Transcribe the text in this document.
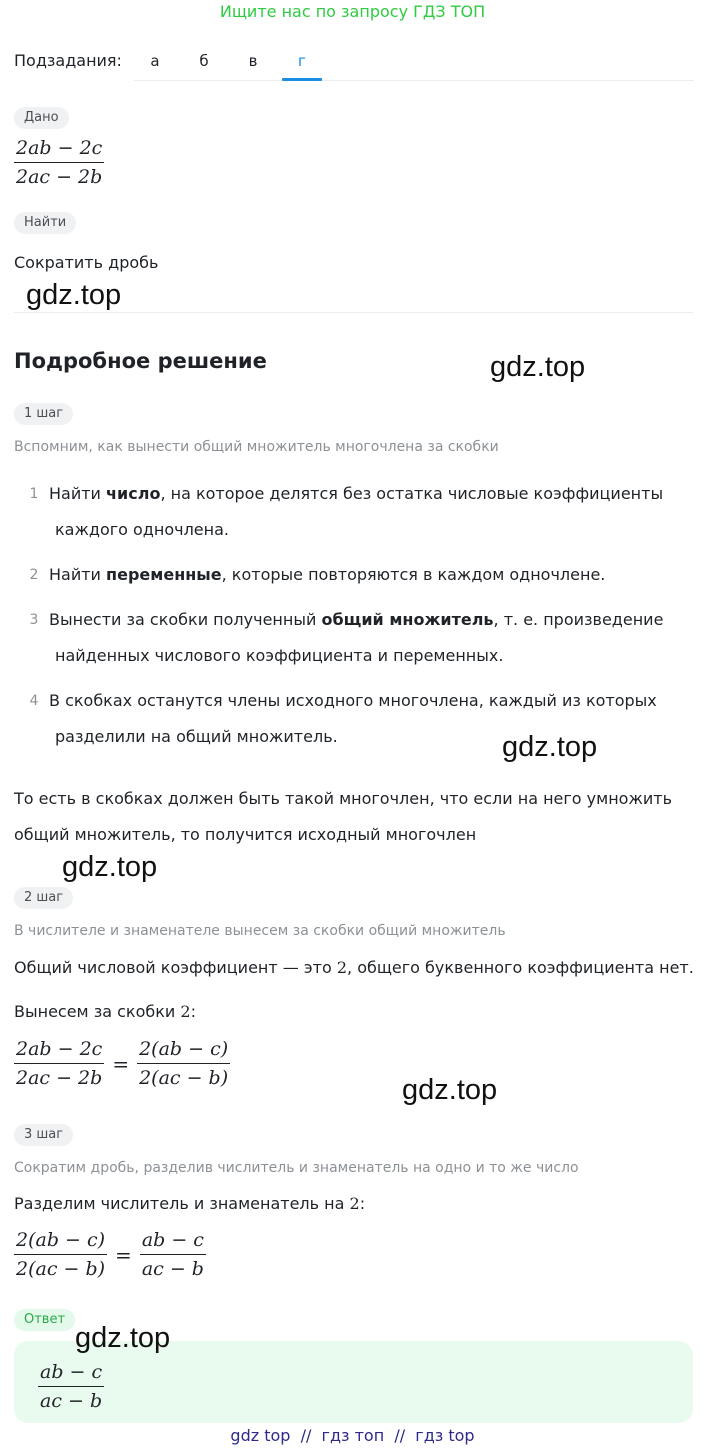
Ищите нас по запросу ГДЗ ТОП
Подзадания:	а	б	в	г
Дано
$\frac{2ab - 2c}{2ac - 2b}$
Найти
Сократить дробь
gdz.top
Подробное решение	gdz.top
1 шаг
Вспомним, как вынести общий множитель многочлена за скобки
1 Найти число, на которое делятся без остатка числовые коэффициенты
каждого одночлена.
2 Найти переменные, которые повторяются в каждом одночлене.
3 Вынести за скобки полученный общий множитель, т. е. произведение
найденных числового коэффициента и переменных.
4 В скобках останутся члены исходного многочлена, каждый из которых
разделили на общий множитель.	gdz.top
То есть в скобках должен быть такой многочлен, что если на него умножить
общий множитель, то получится исходный многочлен
gdz.top
2 шаг
В числителе и знаменателе вынесем за скобки общий множитель
Общий числовой коэффициент — это 2, общего буквенного коэффициента нет.
Вынесем за скобки 2:
$\frac{2ab - 2c}{2ac - 2b} = \frac{2(ab - c)}{2(ac - b)}$	gdz.top
3 шаг
Сократим дробь, разделив числитель и знаменатель на одно и то же число
Разделим числитель и знаменатель на 2:
$\frac{2(ab - c)}{2(ac - b)} = \frac{ab - c}{ac - b}$
Ответ
gdz.top
$\frac{ab - c}{ac - b}$
gdz top  //  гдз топ  //  гдз top
